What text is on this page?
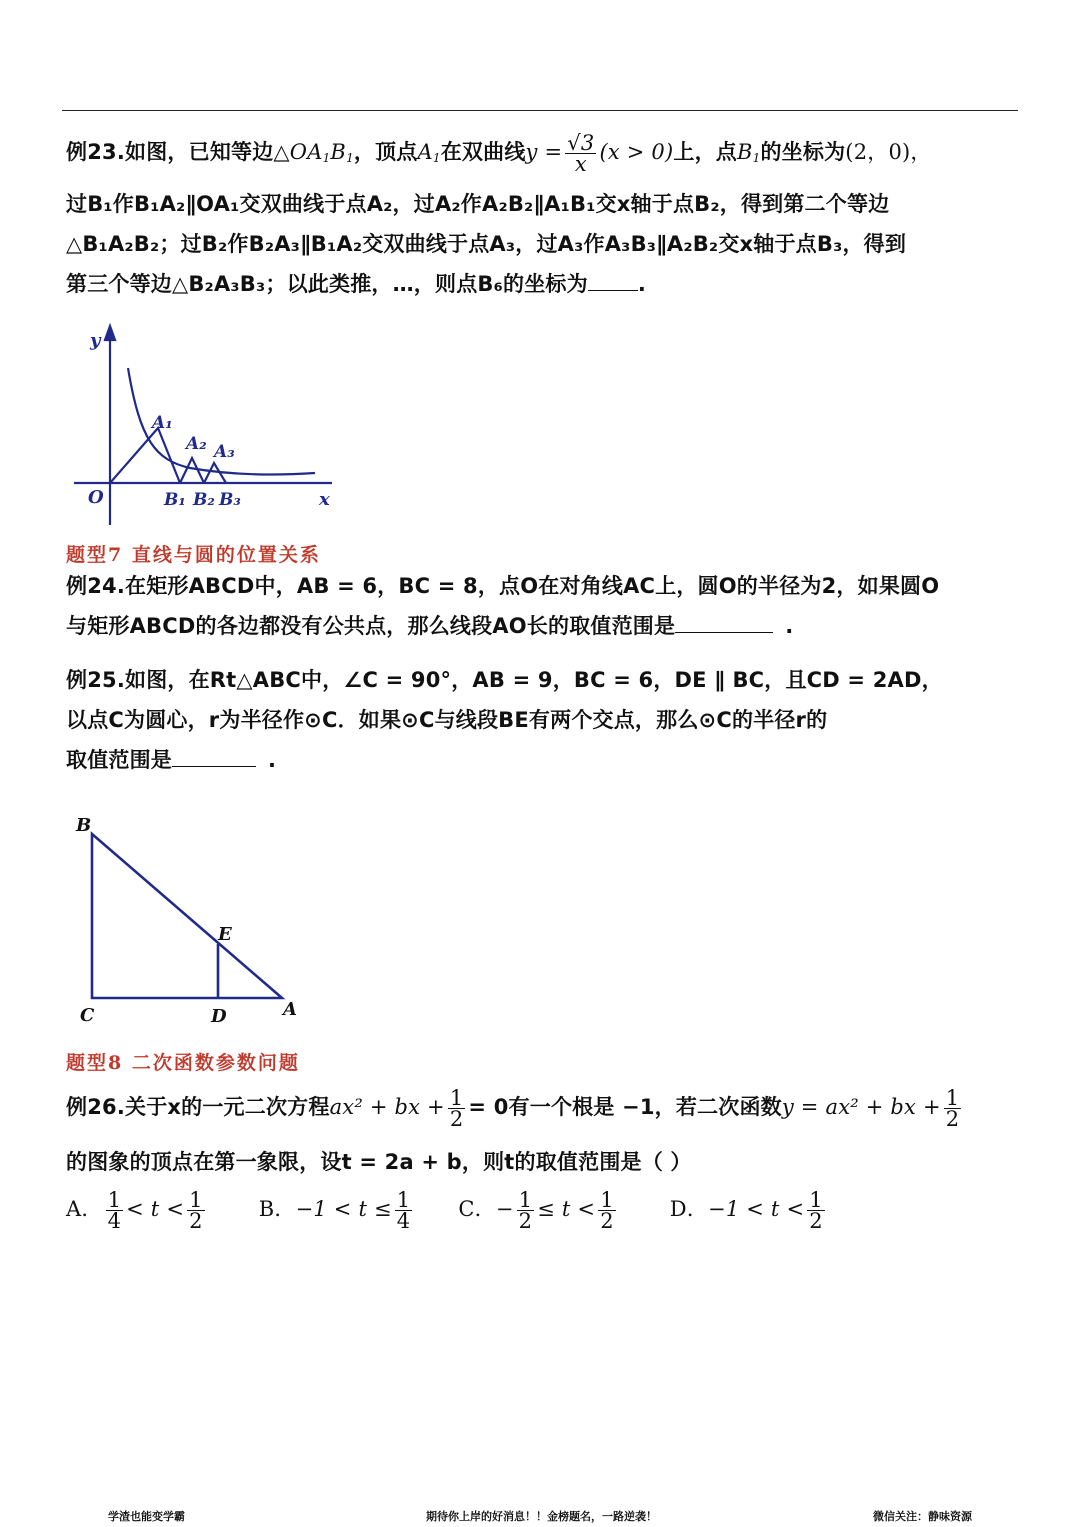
例23.如图，已知等边$\triangle OA_1B_1$，顶点$A_1$在双曲线$y = \frac{√3}{x} (x > 0)$上，点$B_1$的坐标为(2，0)，
过B₁作B₁A₂∥OA₁交双曲线于点A₂，过A₂作A₂B₂∥A₁B₁交x轴于点B₂，得到第二个等边
△B₁A₂B₂；过B₂作B₂A₃∥B₁A₂交双曲线于点A₃，过A₃作A₃B₃∥A₂B₂交x轴于点B₃，得到
第三个等边△B₂A₃B₃；以此类推，…，则点B₆的坐标为 .
y
O	x
A₁
A₂ A₃
B₁ B₂ B₃
题型7 直线与圆的位置关系
例24.在矩形ABCD中，AB = 6，BC = 8，点O在对角线AC上，圆O的半径为2，如果圆O
与矩形ABCD的各边都没有公共点，那么线段AO长的取值范围是	.
例25.如图，在Rt△ABC中，∠C = 90°，AB = 9，BC = 6，DE ∥ BC，且CD = 2AD，
以点C为圆心，r为半径作⊙C．如果⊙C与线段BE有两个交点，那么⊙C的半径r的
取值范围是	.
B
E
C	D	A
题型8 二次函数参数问题
例26.关于x的一元二次方程ax² + bx + $\frac{1}{2} = 0$有一个根是 −1，若二次函数y = ax² + bx + $\frac{1}{2}$
的图象的顶点在第一象限，设t = 2a + b，则t的取值范围是（ ）
A． $\frac{1}{4} < t < \frac{1}{2}$	B．$-1 < t \le \frac{1}{4}$ C．− $\frac{1}{2} \le t < \frac{1}{2}$	D．$-1 < t < \frac{1}{2}$
学渣也能变学霸	期待你上岸的好消息！！金榜题名，一路逆袭！	微信关注：静味资源
